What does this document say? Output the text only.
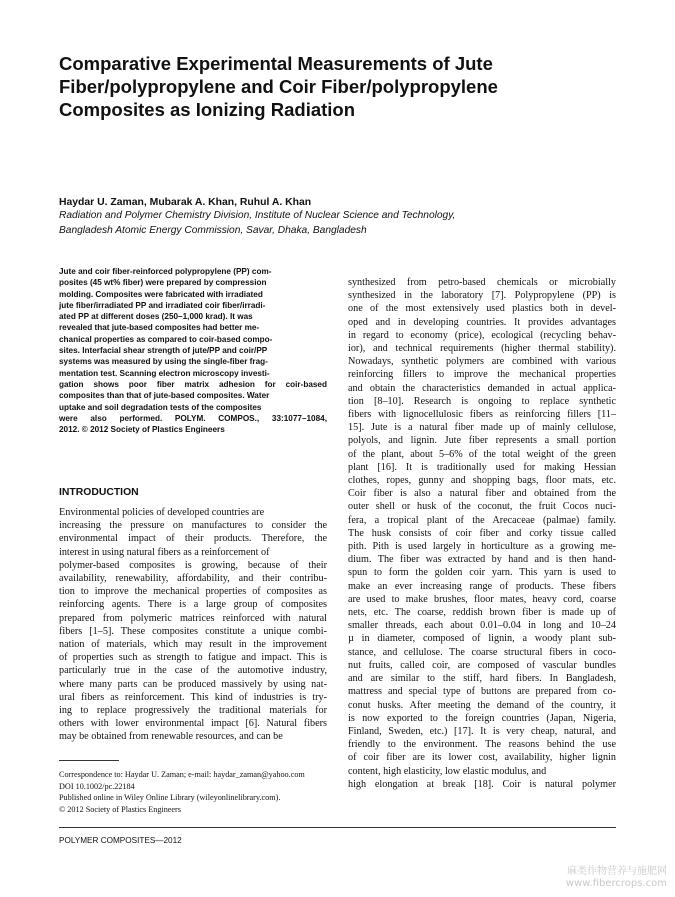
Comparative Experimental Measurements of Jute
Fiber/polypropylene and Coir Fiber/polypropylene
Composites as Ionizing Radiation

Haydar U. Zaman, Mubarak A. Khan, Ruhul A. Khan

Radiation and Polymer Chemistry Division, Institute of Nuclear Science and Technology,
Bangladesh Atomic Energy Commission, Savar, Dhaka, Bangladesh
Jute and coir fiber-reinforced polypropylene (PP) com-
posites (45 wt% fiber) were prepared by compression
molding. Composites were fabricated with irradiated
jute fiber/irradiated PP and irradiated coir fiber/irradi-
ated PP at different doses (250–1,000 krad). It was
revealed that jute-based composites had better me-
chanical properties as compared to coir-based compo-
sites. Interfacial shear strength of jute/PP and coir/PP
systems was measured by using the single-fiber frag-
mentation test. Scanning electron microscopy investi-
gation shows poor fiber matrix adhesion for coir-based
composites than that of jute-based composites. Water
uptake and soil degradation tests of the composites
were also performed. POLYM. COMPOS., 33:1077–1084,
2012. © 2012 Society of Plastics Engineers
INTRODUCTION
Environmental policies of developed countries are
increasing the pressure on manufactures to consider the
environmental impact of their products. Therefore, the
interest in using natural fibers as a reinforcement of
polymer-based composites is growing, because of their
availability, renewability, affordability, and their contribu-
tion to improve the mechanical properties of composites as
reinforcing agents. There is a large group of composites
prepared from polymeric matrices reinforced with natural
fibers [1–5]. These composites constitute a unique combi-
nation of materials, which may result in the improvement
of properties such as strength to fatigue and impact. This is
particularly true in the case of the automotive industry,
where many parts can be produced massively by using nat-
ural fibers as reinforcement. This kind of industries is try-
ing to replace progressively the traditional materials for
others with lower environmental impact [6]. Natural fibers
may be obtained from renewable resources, and can be
synthesized from petro-based chemicals or microbially
synthesized in the laboratory [7]. Polypropylene (PP) is
one of the most extensively used plastics both in devel-
oped and in developing countries. It provides advantages
in regard to economy (price), ecological (recycling behav-
ior), and technical requirements (higher thermal stability).
Nowadays, synthetic polymers are combined with various
reinforcing fillers to improve the mechanical properties
and obtain the characteristics demanded in actual applica-
tion [8–10]. Research is ongoing to replace synthetic
fibers with lignocellulosic fibers as reinforcing fillers [11–
15]. Jute is a natural fiber made up of mainly cellulose,
polyols, and lignin. Jute fiber represents a small portion
of the plant, about 5–6% of the total weight of the green
plant [16]. It is traditionally used for making Hessian
clothes, ropes, gunny and shopping bags, floor mats, etc.
Coir fiber is also a natural fiber and obtained from the
outer shell or husk of the coconut, the fruit Cocos nuci-
fera, a tropical plant of the Arecaceae (palmae) family.
The husk consists of coir fiber and corky tissue called
pith. Pith is used largely in horticulture as a growing me-
dium. The fiber was extracted by hand and is then hand-
spun to form the golden coir yarn. This yarn is used to
make an ever increasing range of products. These fibers
are used to make brushes, floor mates, heavy cord, coarse
nets, etc. The coarse, reddish brown fiber is made up of
smaller threads, each about 0.01–0.04 in long and 10–24
µ in diameter, composed of lignin, a woody plant sub-
stance, and cellulose. The coarse structural fibers in coco-
nut fruits, called coir, are composed of vascular bundles
and are similar to the stiff, hard fibers. In Bangladesh,
mattress and special type of buttons are prepared from co-
conut husks. After meeting the demand of the country, it
is now exported to the foreign countries (Japan, Nigeria,
Finland, Sweden, etc.) [17]. It is very cheap, natural, and
friendly to the environment. The reasons behind the use
of coir fiber are its lower cost, availability, higher lignin
content, high elasticity, low elastic modulus, and
high elongation at break [18]. Coir is natural polymer
Correspondence to: Haydar U. Zaman; e-mail: haydar_zaman@yahoo.com
DOI 10.1002/pc.22184
Published online in Wiley Online Library (wileyonlinelibrary.com).
© 2012 Society of Plastics Engineers

POLYMER COMPOSITES—2012

麻类作物营养与施肥网
www.fibercrops.com
